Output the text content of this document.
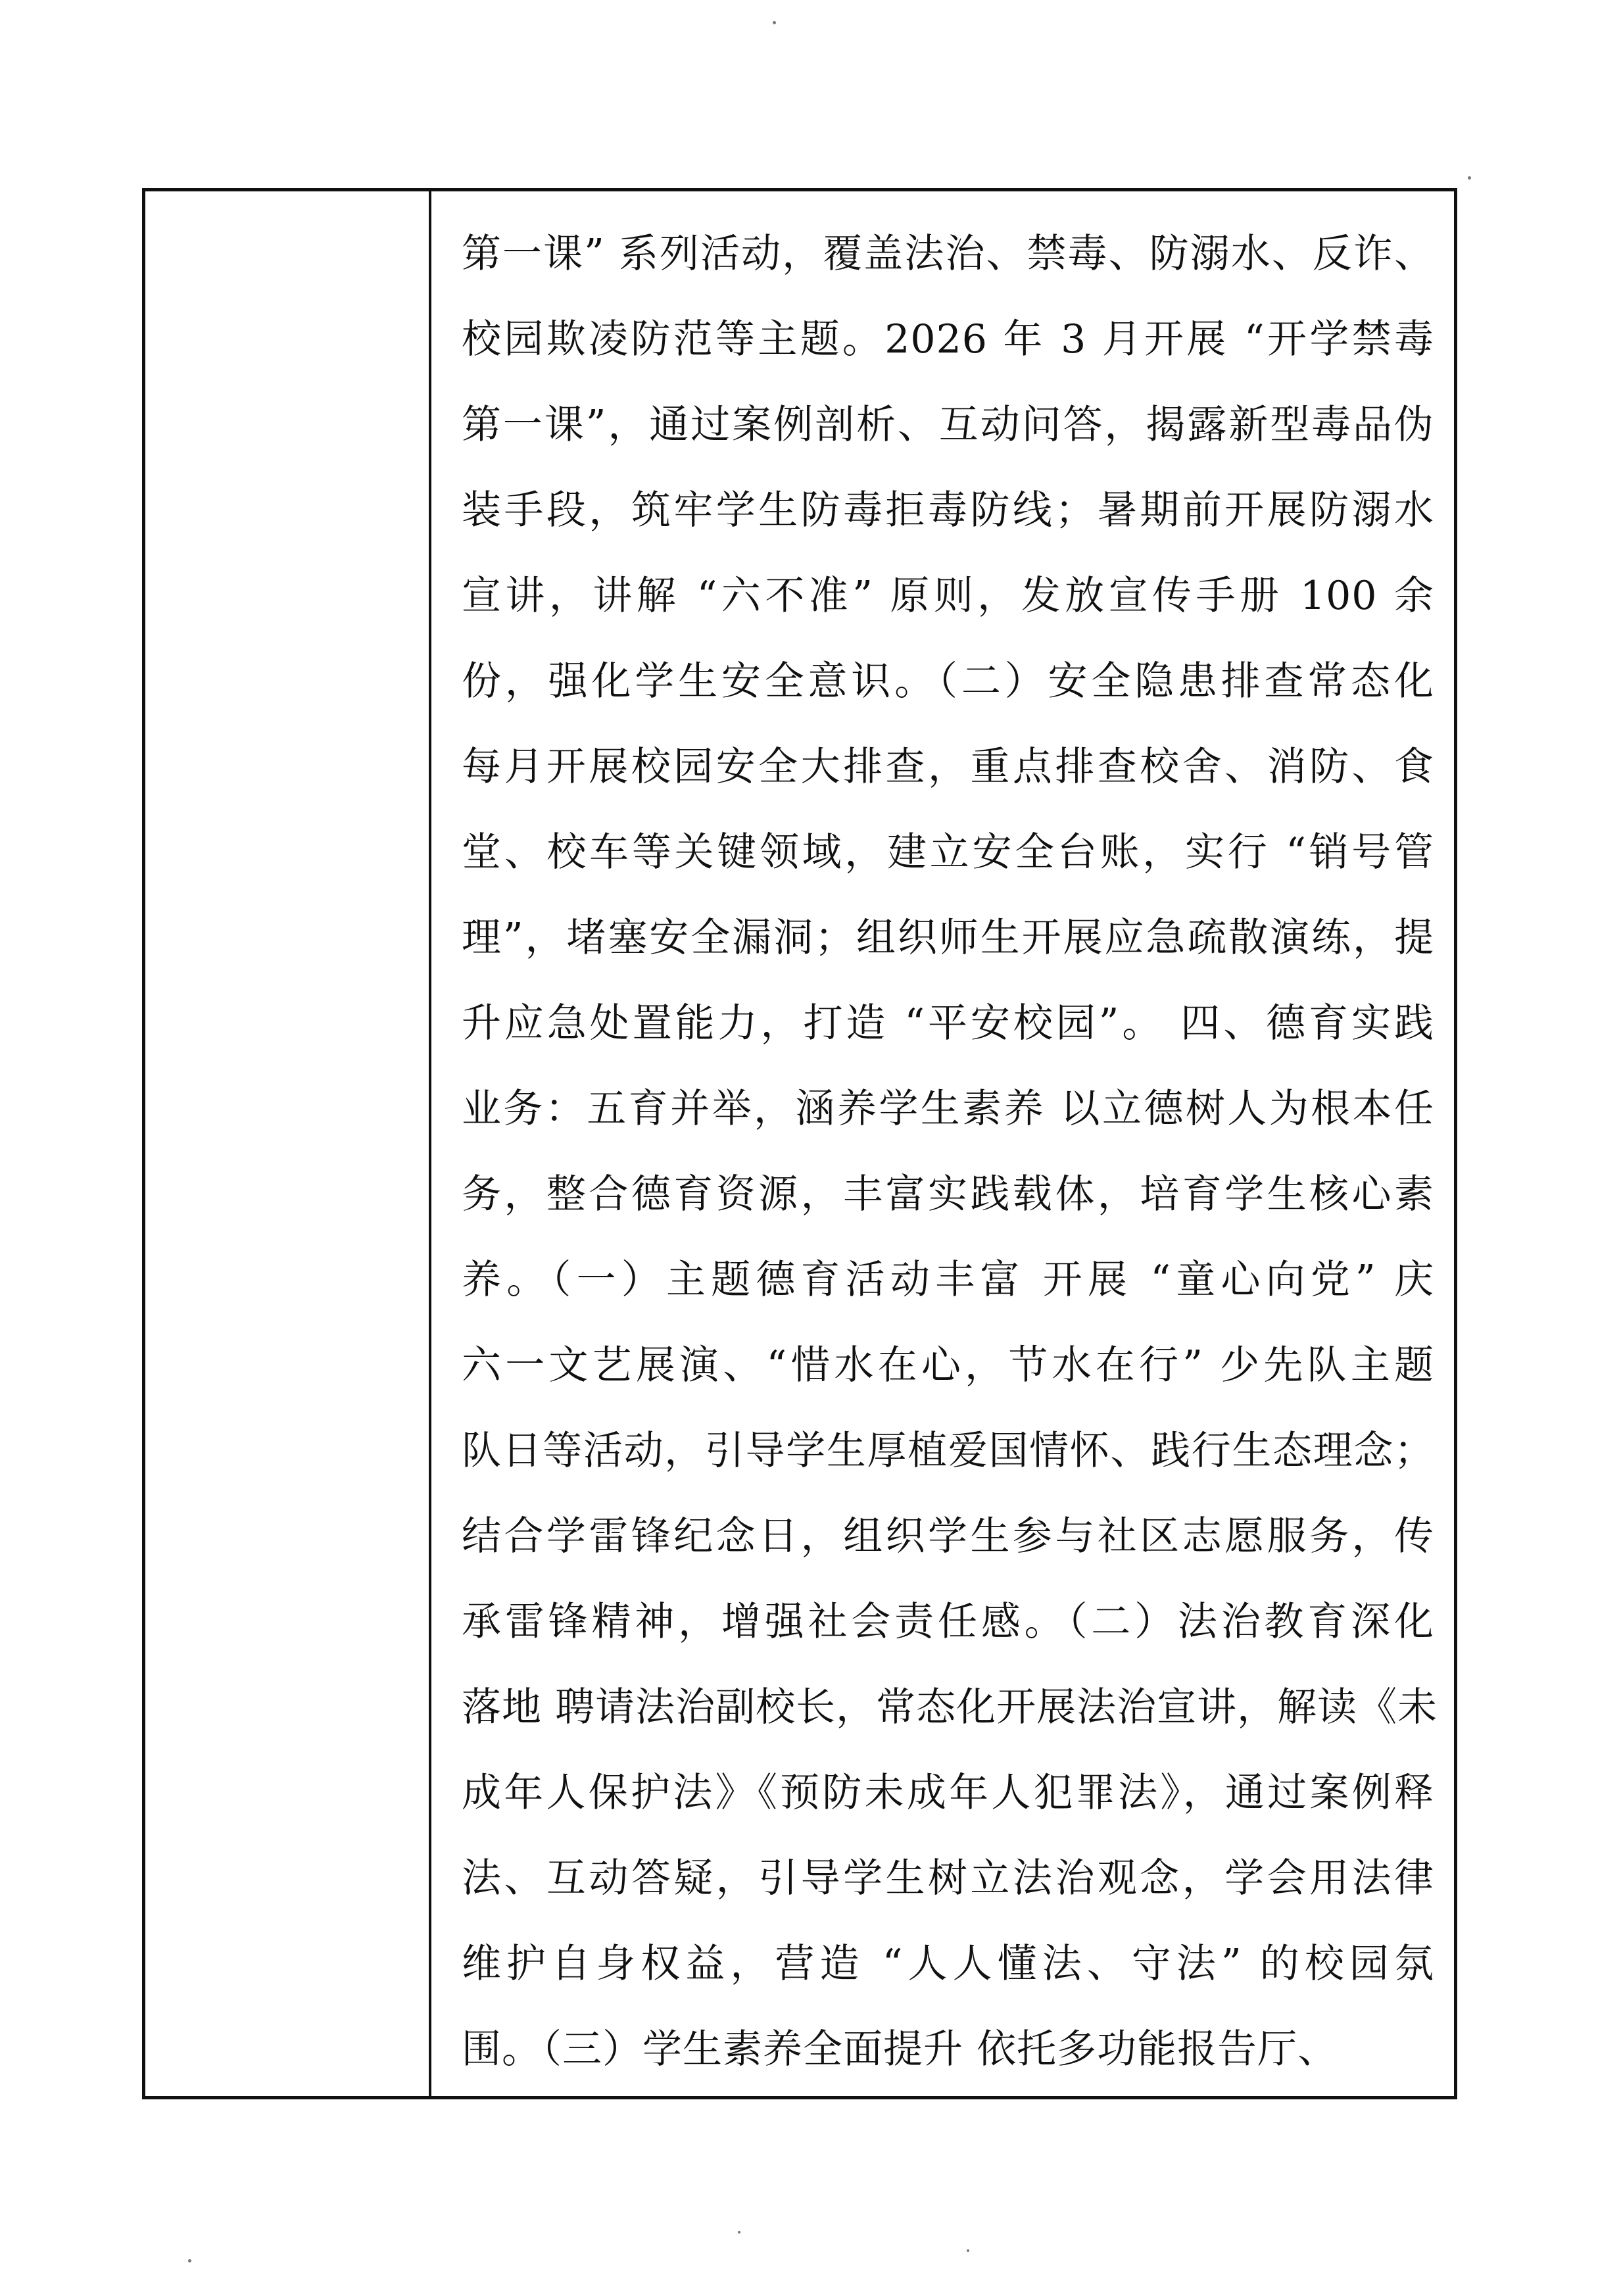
第一课” 系列活动，覆盖法治、禁毒、防溺水、反诈、
校园欺凌防范等主题。2026 年 3 月开展 “开学禁毒
第一课”，通过案例剖析、互动问答，揭露新型毒品伪
装手段，筑牢学生防毒拒毒防线；暑期前开展防溺水
宣讲，讲解 “六不准” 原则，发放宣传手册 100 余
份，强化学生安全意识。（二）安全隐患排查常态化
每月开展校园安全大排查，重点排查校舍、消防、食
堂、校车等关键领域，建立安全台账，实行 “销号管
理”，堵塞安全漏洞；组织师生开展应急疏散演练，提
升应急处置能力，打造 “平安校园”。 四、德育实践
业务：五育并举，涵养学生素养 以立德树人为根本任
务，整合德育资源，丰富实践载体，培育学生核心素
养。（一）主题德育活动丰富 开展 “童心向党” 庆
六一文艺展演、“惜水在心，节水在行” 少先队主题
队日等活动，引导学生厚植爱国情怀、践行生态理念；
结合学雷锋纪念日，组织学生参与社区志愿服务，传
承雷锋精神，增强社会责任感。（二）法治教育深化
落地 聘请法治副校长，常态化开展法治宣讲，解读《未
成年人保护法》《预防未成年人犯罪法》，通过案例释
法、互动答疑，引导学生树立法治观念，学会用法律
维护自身权益，营造 “人人懂法、守法” 的校园氛
围。（三）学生素养全面提升 依托多功能报告厅、
